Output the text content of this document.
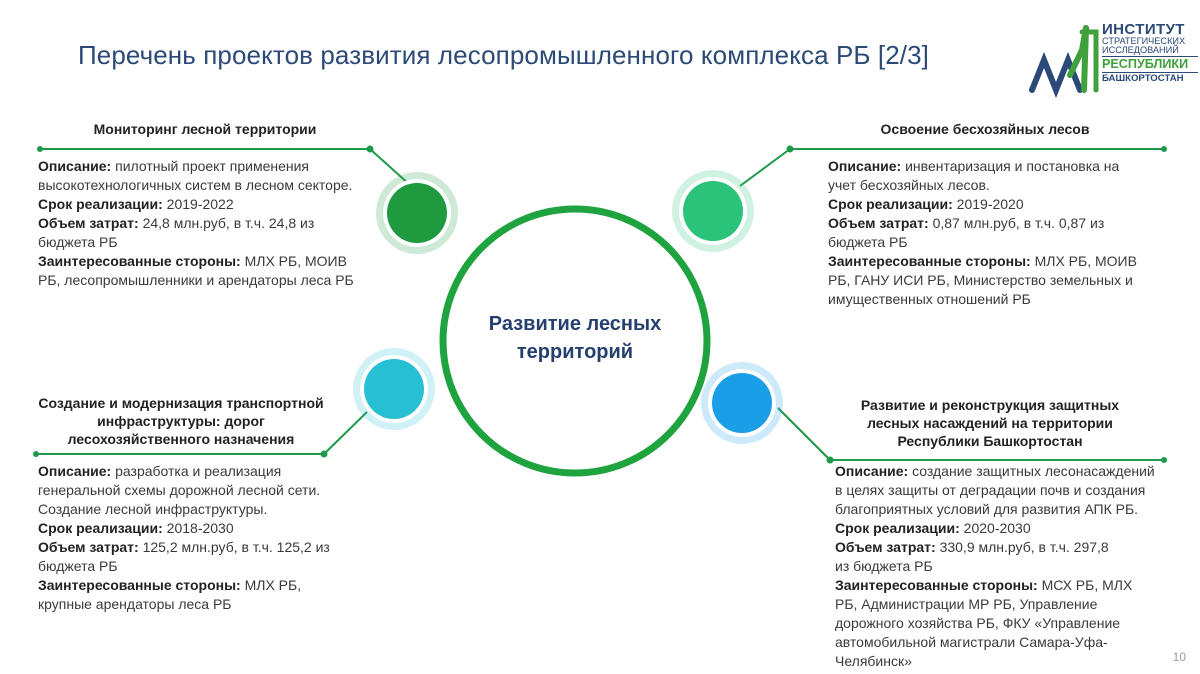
Перечень проектов развития лесопромышленного комплекса РБ [2/3]
ИНСТИТУТ
СТРАТЕГИЧЕСКИХ
ИССЛЕДОВАНИЙ
РЕСПУБЛИКИ
БАШКОРТОСТАН
Развитие лесных
территорий
Мониторинг лесной территории
Описание: пилотный проект применения
высокотехнологичных систем в лесном секторе.
Срок реализации: 2019-2022
Объем затрат: 24,8 млн.руб, в т.ч. 24,8 из
бюджета РБ
Заинтересованные стороны: МЛХ РБ, МОИВ
РБ, лесопромышленники и арендаторы леса РБ
Освоение бесхозяйных лесов
Описание: инвентаризация и постановка на
учет бесхозяйных лесов.
Срок реализации: 2019-2020
Объем затрат: 0,87 млн.руб, в т.ч. 0,87 из
бюджета РБ
Заинтересованные стороны: МЛХ РБ, МОИВ
РБ, ГАНУ ИСИ РБ, Министерство земельных и
имущественных отношений РБ
Создание и модернизация транспортной
инфраструктуры: дорог
лесохозяйственного назначения
Описание: разработка и реализация
генеральной схемы дорожной лесной сети.
Создание лесной инфраструктуры.
Срок реализации: 2018-2030
Объем затрат: 125,2 млн.руб, в т.ч. 125,2 из
бюджета РБ
Заинтересованные стороны: МЛХ РБ,
крупные арендаторы леса РБ
Развитие и реконструкция защитных
лесных насаждений на территории
Республики Башкортостан
Описание: создание защитных лесонасаждений
в целях защиты от деградации почв и создания
благоприятных условий для развития АПК РБ.
Срок реализации: 2020-2030
Объем затрат: 330,9 млн.руб, в т.ч. 297,8
из бюджета РБ
Заинтересованные стороны: МСХ РБ, МЛХ
РБ, Администрации МР РБ, Управление
дорожного хозяйства РБ, ФКУ «Управление
автомобильной магистрали Самара-Уфа-
Челябинск»	10
